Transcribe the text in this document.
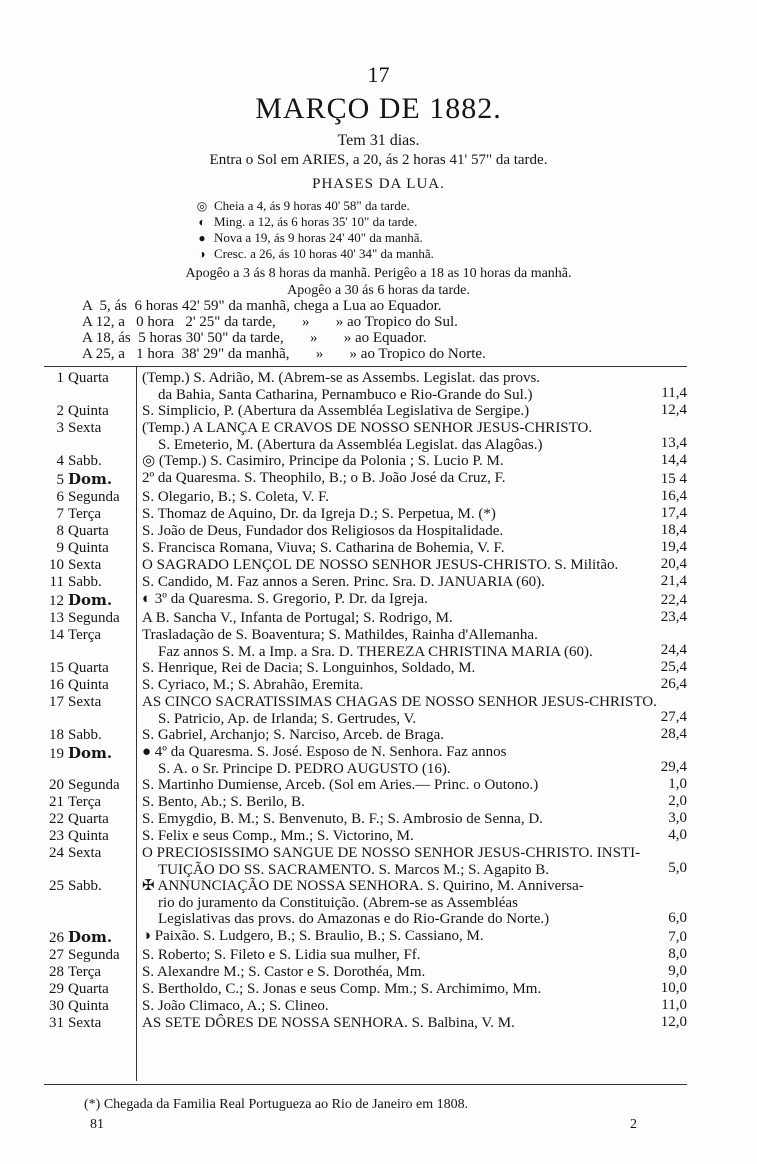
17
MARÇO DE 1882.
Tem 31 dias.
Entra o Sol em ARIES, a 20, ás 2 horas 41' 57" da tarde.
PHASES DA LUA.
◎ Cheia a 4, ás 9 horas 40' 58" da tarde.
◐ Ming. a 12, ás 6 horas 35' 10" da tarde.
● Nova a 19, ás 9 horas 24' 40" da manhã.
◑ Cresc. a 26, ás 10 horas 40' 34" da manhã.
Apogêo a 3 ás 8 horas da manhã. Perigêo a 18 as 10 horas da manhã.
Apogêo a 30 ás 6 horas da tarde.
A  5, ás  6 horas 42' 59" da manhã, chega a Lua ao Equador.
A 12, a   0 hora   2' 25" da tarde,       »       » ao Tropico do Sul.
A 18, ás  5 horas 30' 50" da tarde,       »       » ao Equador.
A 25, a   1 hora  38' 29" da manhã,       »       » ao Tropico do Norte.
1 Quarta	(Temp.) S. Adrião, M. (Abrem-se as Assembs. Legislat. das provs.
da Bahia, Santa Catharina, Pernambuco e Rio-Grande do Sul.)	11,4
2 Quinta	S. Simplicio, P. (Abertura da Assembléa Legislativa de Sergipe.)	12,4
3 Sexta	(Temp.) A LANÇA E CRAVOS DE NOSSO SENHOR JESUS-CHRISTO.
S. Emeterio, M. (Abertura da Assembléa Legislat. das Alagôas.)	13,4
4 Sabb.	◎ (Temp.) S. Casimiro, Principe da Polonia ; S. Lucio P. M.	14,4
5 Dom.	2º da Quaresma. S. Theophilo, B.; o B. João José da Cruz, F.	15 4
6 Segunda	S. Olegario, B.; S. Coleta, V. F.	16,4
7 Terça	S. Thomaz de Aquino, Dr. da Igreja D.; S. Perpetua, M. (*)	17,4
8 Quarta	S. João de Deus, Fundador dos Religiosos da Hospitalidade.	18,4
9 Quinta	S. Francisca Romana, Viuva; S. Catharina de Bohemia, V. F.	19,4
10 Sexta	O SAGRADO LENÇOL DE NOSSO SENHOR JESUS-CHRISTO. S. Militão.	20,4
11 Sabb.	S. Candido, M. Faz annos a Seren. Princ. Sra. D. JANUARIA (60).	21,4
12 Dom.	◐ 3º da Quaresma. S. Gregorio, P. Dr. da Igreja.	22,4
13 Segunda	A B. Sancha V., Infanta de Portugal; S. Rodrigo, M.	23,4
14 Terça	Trasladação de S. Boaventura; S. Mathildes, Rainha d'Allemanha.
Faz annos S. M. a Imp. a Sra. D. THEREZA CHRISTINA MARIA (60).	24,4
15 Quarta	S. Henrique, Rei de Dacia; S. Longuinhos, Soldado, M.	25,4
16 Quinta	S. Cyriaco, M.; S. Abrahão, Eremita.	26,4
17 Sexta	AS CINCO SACRATISSIMAS CHAGAS DE NOSSO SENHOR JESUS-CHRISTO.
S. Patricio, Ap. de Irlanda; S. Gertrudes, V.	27,4
18 Sabb.	S. Gabriel, Archanjo; S. Narciso, Arceb. de Braga.	28,4
19 Dom.	● 4º da Quaresma. S. José. Esposo de N. Senhora. Faz annos
S. A. o Sr. Principe D. PEDRO AUGUSTO (16).	29,4
20 Segunda	S. Martinho Dumiense, Arceb. (Sol em Aries.— Princ. o Outono.)	1,0
21 Terça	S. Bento, Ab.; S. Berilo, B.	2,0
22 Quarta	S. Emygdio, B. M.; S. Benvenuto, B. F.; S. Ambrosio de Senna, D.	3,0
23 Quinta	S. Felix e seus Comp., Mm.; S. Victorino, M.	4,0
24 Sexta	O PRECIOSISSIMO SANGUE DE NOSSO SENHOR JESUS-CHRISTO. INSTI-
TUIÇÃO DO SS. SACRAMENTO. S. Marcos M.; S. Agapito B.	5,0
25 Sabb.	✠ ANNUNCIAÇÃO DE NOSSA SENHORA. S. Quirino, M. Anniversa-
rio do juramento da Constituição. (Abrem-se as Assembléas
Legislativas das provs. do Amazonas e do Rio-Grande do Norte.)	6,0
26 Dom.	◑ Paixão. S. Ludgero, B.; S. Braulio, B.; S. Cassiano, M.	7,0
27 Segunda	S. Roberto; S. Fileto e S. Lidia sua mulher, Ff.	8,0
28 Terça	S. Alexandre M.; S. Castor e S. Dorothéa, Mm.	9,0
29 Quarta	S. Bertholdo, C.; S. Jonas e seus Comp. Mm.; S. Archimimo, Mm.	10,0
30 Quinta	S. João Climaco, A.; S. Clineo.	11,0
31 Sexta	AS SETE DÔRES DE NOSSA SENHORA. S. Balbina, V. M.	12,0
(*) Chegada da Familia Real Portugueza ao Rio de Janeiro em 1808.
81	2
